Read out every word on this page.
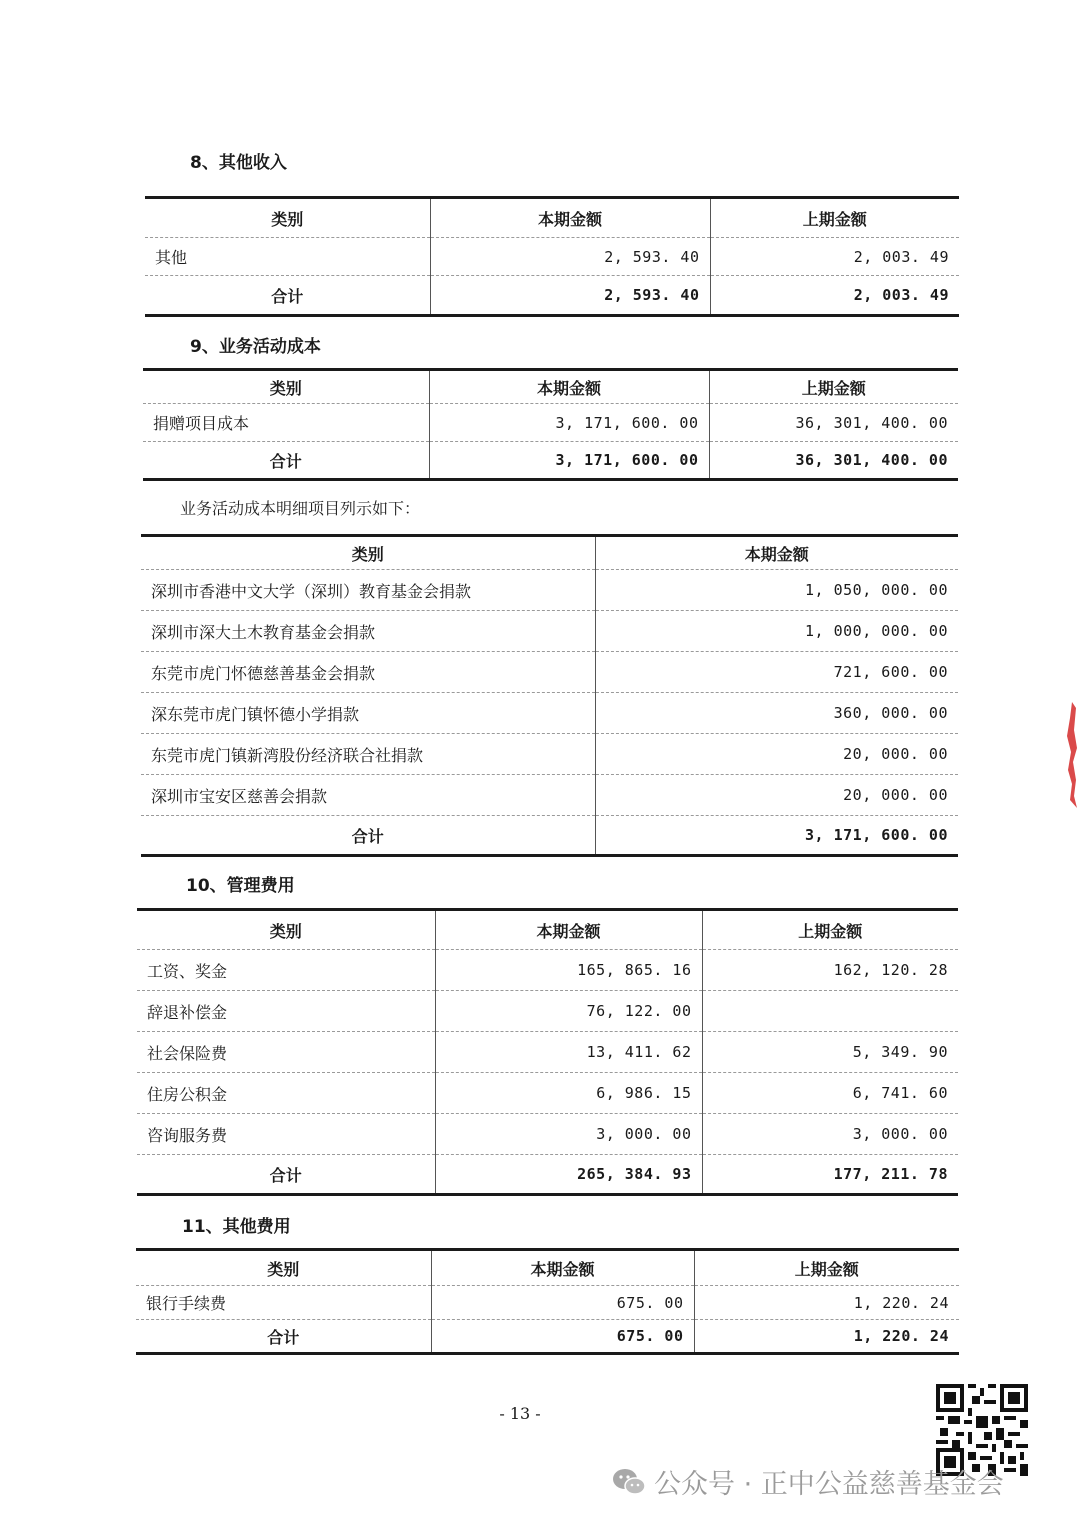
8、其他收入
类别	本期金额	上期金额
其他	2, 593. 40	2, 003. 49
合计	2, 593. 40	2, 003. 49
9、业务活动成本
类别	本期金额	上期金额
捐赠项目成本	3, 171, 600. 00	36, 301, 400. 00
合计	3, 171, 600. 00	36, 301, 400. 00
业务活动成本明细项目列示如下：
类别	本期金额
深圳市香港中文大学（深圳）教育基金会捐款	1, 050, 000. 00
深圳市深大土木教育基金会捐款	1, 000, 000. 00
东莞市虎门怀德慈善基金会捐款	721, 600. 00
深东莞市虎门镇怀德小学捐款	360, 000. 00
东莞市虎门镇新湾股份经济联合社捐款	20, 000. 00
深圳市宝安区慈善会捐款	20, 000. 00
合计	3, 171, 600. 00
10、管理费用
类别	本期金额	上期金额
工资、奖金	165, 865. 16	162, 120. 28
辞退补偿金	76, 122. 00	
社会保险费	13, 411. 62	5, 349. 90
住房公积金	6, 986. 15	6, 741. 60
咨询服务费	3, 000. 00	3, 000. 00
合计	265, 384. 93	177, 211. 78
11、其他费用
类别	本期金额	上期金额
银行手续费	675. 00	1, 220. 24
合计	675. 00	1, 220. 24
- 13 -
公众号 · 正中公益慈善基金会
